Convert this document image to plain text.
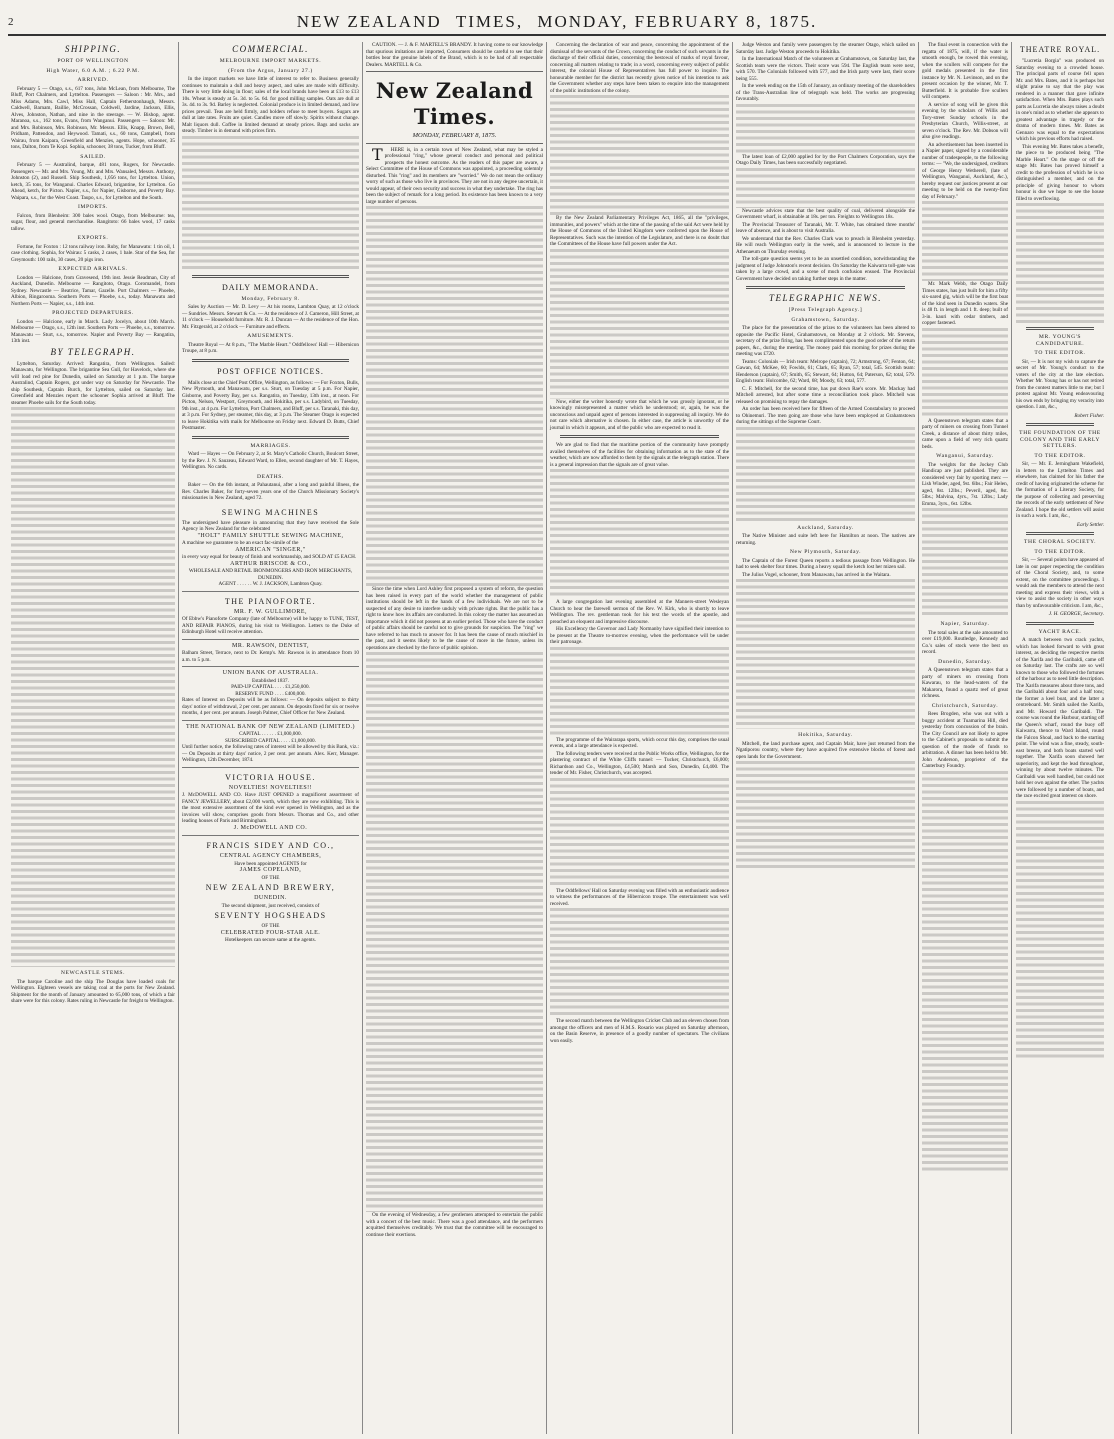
2	NEW ZEALAND TIMES, MONDAY, FEBRUARY 8, 1875.
SHIPPING.
PORT OF WELLINGTON
High Water, 6.0 A.M. ; 6.22 P.M.
ARRIVED.

February 5 — Otago, s.s., 617 tons, John McLean, from Melbourne, The Bluff, Port Chalmers, and Lyttelton. Passengers — Saloon : Mr. Mrs., and Miss Adams, Mrs. Cawl, Miss Hall, Captain Fetherstonhaugh, Messrs. Caldwell, Barnam, Baillie, McCrossan, Coldwell, Jardine, Jackson, Ellis, Alves, Johnston, Nathan, and nine in the steerage. — W. Bishop, agent. Maranoa, s.s., 162 tons, Evans, from Wanganui. Passengers — Saloon: Mr. and Mrs. Robinson, Mrs. Robinson, Mr. Messrs. Ellis, Knapp, Brown, Bell, Pridham, Pattendon, and Heywood. Tamati, s.s., 60 tons, Campbell, from Wairau, from Kaipara, Greenfield and Menzies, agents. Hope, schooner, 35 tons, Dalton, from Te Kopi. Sophia, schooner, 38 tons, Tucker, from Bluff.

SAILED.

February 5 — Australind, barque, 481 tons, Rogers, for Newcastle. Passengers — Mr. and Mrs. Young, Mr. and Mrs. Wansaled, Messrs. Anthony, Johnston (2), and Russell. Ship Southesk, 1,056 tons, for Lyttelton. Union, ketch, 35 tons, for Wanganui. Charles Edward, brigantine, for Lyttelton. Go Ahead, ketch, for Picton. Napier, s.s., for Napier, Gisborne, and Poverty Bay. Waipara, s.s., for the West Coast. Taupo, s.s., for Lyttelton and the South.

IMPORTS.

Falcon, from Blenheim: 300 bales wool. Otago, from Melbourne: tea, sugar, flour, and general merchandise. Rangitoto: 66 bales wool, 17 casks tallow.

EXPORTS.

Fortune, for Foxton : 12 tons railway iron. Ruby, for Manawatu: 1 tin oil, 1 case clothing. Sophia, for Wairau: 5 casks, 2 cases, 1 bale. Star of the Sea, for Greymouth: 100 rails, 30 cases, 20 pigs iron.

EXPECTED ARRIVALS.

London — Halcione, from Gravesend, 19th inst. Jessie Readman, City of Auckland, Dunedin. Melbourne — Rangitoto, Otago. Coromandel, from Sydney. Newcastle — Beatrice, Tamar, Gazelle. Port Chalmers — Phoebe, Albion, Ringarooma. Southern Ports — Phoebe, s.s., today. Manawatu and Northern Ports — Napier, s.s., 14th inst.

PROJECTED DEPARTURES.

London — Halcione, early in March. Lady Jocelyn, about 10th March. Melbourne — Otago, s.s., 12th inst. Southern Ports — Phoebe, s.s., tomorrow. Manawatu — Sturt, s.s., tomorrow. Napier and Poverty Bay — Rangatira, 13th inst.

BY TELEGRAPH.

Lyttelton, Saturday. Arrived: Rangatira, from Wellington. Sailed: Manawatu, for Wellington. The brigantine Sea Gull, for Havelock, where she will load red pine for Dunedin, sailed on Saturday at 1 p.m. The barque Australind, Captain Rogers, got under way on Saturday for Newcastle. The ship Southesk, Captain Burch, for Lyttelton, sailed on Saturday last. Greenfield and Menzies report the schooner Sophia arrived at Bluff. The steamer Phoebe sails for the South today.

NEWCASTLE STEMS.

The barque Caroline and the ship The Douglas have loaded coals for Wellington. Eighteen vessels are taking coal at the ports for New Zealand. Shipment for the month of January amounted to 65,000 tons, of which a fair share were for this colony. Rates ruling in Newcastle for freight to Wellington.

COMMERCIAL.
MELBOURNE IMPORT MARKETS.
(From the Argus, January 27.)

In the import markets we have little of interest to refer to. Business generally continues to maintain a dull and heavy aspect, and sales are made with difficulty. There is very little doing in flour; sales of the local brands have been at £13 to £13 10s. Wheat is steady at 5s. 3d. to 5s. 6d. for good milling samples. Oats are dull at 3s. 4d. to 3s. 9d. Barley is neglected. Colonial produce is in limited demand, and low prices prevail. Teas are held firmly, and holders refuse to meet buyers. Sugars are dull at late rates. Fruits are quiet. Candles move off slowly. Spirits without change. Malt liquors dull. Coffee in limited demand at steady prices. Bags and sacks are steady. Timber is in demand with prices firm.

DAILY MEMORANDA.
Monday, February 8.

Sales by Auction — Mr. D. Levy — At his rooms, Lambton Quay, at 12 o'clock — Sundries. Messrs. Stewart & Co. — At the residence of J. Cameron, Hill Street, at 11 o'clock — Household furniture. Mr. R. J. Duncan — At the residence of the Hon. Mr. Fitzgerald, at 2 o'clock — Furniture and effects.

AMUSEMENTS.

Theatre Royal — At 8 p.m., "The Marble Heart." Oddfellows' Hall — Hibernicon Troupe, at 8 p.m.

POST OFFICE NOTICES.

Mails close at the Chief Post Office, Wellington, as follows: — For Foxton, Bulls, New Plymouth, and Manawatu, per s.s. Sturt, on Tuesday at 5 p.m. For Napier, Gisborne, and Poverty Bay, per s.s. Rangatira, on Tuesday, 13th inst., at noon. For Picton, Nelson, Westport, Greymouth, and Hokitika, per s.s. Ladybird, on Tuesday, 9th inst., at 4 p.m. For Lyttelton, Port Chalmers, and Bluff, per s.s. Taranaki, this day, at 3 p.m. For Sydney, per steamer, this day, at 3 p.m. The Steamer Otago is expected to leave Hokitika with mails for Melbourne on Friday next. Edward D. Butts, Chief Postmaster.

MARRIAGES.

Ward — Hayes — On February 2, at St. Mary's Catholic Church, Boulcott Street, by the Rev. J. N. Sauzeau, Edward Ward, to Ellen, second daughter of Mr. T. Hayes, Wellington. No cards.

DEATHS.

Baker — On the 6th instant, at Pahautanui, after a long and painful illness, the Rev. Charles Baker, for forty-seven years one of the Church Missionary Society's missionaries in New Zealand, aged 72.

SEWING MACHINES
The undersigned have pleasure in announcing that they have received the Sole Agency in New Zealand for the celebrated
"HOLT" FAMILY SHUTTLE SEWING MACHINE,
A machine we guarantee to be an exact fac-simile of the
AMERICAN "SINGER,"
in every way equal for beauty of finish and workmanship, and SOLD AT £5 EACH.
ARTHUR BRISCOE & CO.,
WHOLESALE AND RETAIL IRONMONGERS AND IRON MERCHANTS, DUNEDIN.
AGENT . . . . . . W. J. JACKSON, Lambton Quay.
THE PIANOFORTE.
MR. F. W. GULLIMORE,
Of Ebbw's Pianoforte Company (late of Melbourne) will be happy to TUNE, TEST, AND REPAIR PIANOS, during his visit to Wellington. Letters to the Duke of Edinburgh Hotel will receive attention.
MR. RAWSON, DENTIST,
Balham Street, Terrace, next to Dr. Kemp's. Mr. Rawson is in attendance from 10 a.m. to 5 p.m.
UNION BANK OF AUSTRALIA.
Established 1837.
PAID-UP CAPITAL . . . . £1,250,000.
RESERVE FUND . . . . £400,000.
Rates of Interest on Deposits will be as follows: — On deposits subject to thirty days' notice of withdrawal, 2 per cent. per annum. On deposits fixed for six or twelve months, 4 per cent. per annum. Joseph Palmer, Chief Officer for New Zealand.
THE NATIONAL BANK OF NEW ZEALAND (LIMITED.)
CAPITAL . . . . . . £1,000,000.
SUBSCRIBED CAPITAL . . . . £1,000,000.
Until further notice, the following rates of interest will be allowed by this Bank, viz.: — On Deposits at thirty days' notice, 2 per cent. per annum. Alex. Kerr, Manager. Wellington, 12th December, 1874.
VICTORIA HOUSE.
NOVELTIES! NOVELTIES!!
J. McDOWELL AND CO. Have JUST OPENED a magnificent assortment of FANCY JEWELLERY, about £2,000 worth, which they are now exhibiting. This is the most extensive assortment of the kind ever opened in Wellington, and as the invoices will show, comprises goods from Messrs. Thomas and Co., and other leading houses of Paris and Birmingham.
J. McDOWELL AND CO.
FRANCIS SIDEY AND CO.,
CENTRAL AGENCY CHAMBERS,
Have been appointed AGENTS for
JAMES COPELAND,
OF THE
NEW ZEALAND BREWERY,
DUNEDIN.
The second shipment, just received, consists of
SEVENTY HOGSHEADS
OF THE
CELEBRATED FOUR-STAR ALE.
Hotelkeepers can secure same at the agents.

CAUTION. — J. & F. MARTELL'S BRANDY. It having come to our knowledge that spurious imitations are imported, Consumers should be careful to see that their bottles bear the genuine labels of the Brand, which is to be had of all respectable Dealers. MARTELL & Co.

New Zealand Times.
MONDAY, FEBRUARY 8, 1875.

T HERE is, in a certain town of New Zealand, what may be styled a professional "ring," whose general conduct and personal and political prospects the honest outcome. As the readers of this paper are aware, a Select Committee of the House of Commons was appointed, a proceeding solemnly disturbed. This "ring" and its members are "worried." We do not mean the ordinary worry of such as those who live in provinces. They are not in any degree uncertain, it would appear, of their own security and success in what they undertake. The ring has been the subject of remark for a long period. Its existence has been known to a very large number of persons.

Since the time when Lord Ashley first proposed a system of reform, the question has been raised in every part of the world whether the management of public institutions should be left in the hands of a few individuals. We are not to be suspected of any desire to interfere unduly with private rights. But the public has a right to know how its affairs are conducted. In this colony the matter has assumed an importance which it did not possess at an earlier period. Those who have the conduct of public affairs should be careful not to give grounds for suspicion. The "ring" we have referred to has much to answer for. It has been the cause of much mischief in the past, and it seems likely to be the cause of more in the future, unless its operations are checked by the force of public opinion.

On the evening of Wednesday, a few gentlemen attempted to entertain the public with a concert of the best music. There was a good attendance, and the performers acquitted themselves creditably. We trust that the committee will be encouraged to continue their exertions.

Concerning the declaration of war and peace, concerning the appointment of the dismissal of the servants of the Crown, concerning the conduct of such servants in the discharge of their official duties, concerning the bestowal of marks of royal favour, concerning all matters relating to trade; in a word, concerning every subject of public interest, the colonial House of Representatives has full power to inquire. The honourable member for the district has recently given notice of his intention to ask the Government whether any steps have been taken to enquire into the management of the public institutions of the colony.

By the New Zealand Parliamentary Privileges Act, 1865, all the "privileges, immunities, and powers" which at the time of the passing of the said Act were held by the House of Commons of the United Kingdom were conferred upon the House of Representatives. Such was the intention of the Legislature, and there is no doubt that the Committees of the House have full powers under the Act.

Now, either the writer honestly wrote that which he was grossly ignorant, or he knowingly misrepresented a matter which he understood; or, again, he was the unconscious and unpaid agent of persons interested in suppressing all inquiry. We do not care which alternative is chosen. In either case, the article is unworthy of the journal in which it appears, and of the public who are expected to read it.

We are glad to find that the maritime portion of the community have promptly availed themselves of the facilities for obtaining information as to the state of the weather, which are now afforded to them by the signals at the telegraph station. There is a general impression that the signals are of great value.

A large congregation last evening assembled at the Manners-street Wesleyan Church to hear the farewell sermon of the Rev. W. Kirk, who is shortly to leave Wellington. The rev. gentleman took for his text the words of the apostle, and preached an eloquent and impressive discourse.

His Excellency the Governor and Lady Normanby have signified their intention to be present at the Theatre to-morrow evening, when the performance will be under their patronage.

The programme of the Wairarapa sports, which occur this day, comprises the usual events, and a large attendance is expected.

The following tenders were received at the Public Works office, Wellington, for the plastering contract of the White Cliffs tunnel: — Tucker, Christchurch, £6,000; Richardson and Co., Wellington, £4,500; Marsh and Son, Dunedin, £4,400. The tender of Mr. Fisher, Christchurch, was accepted.

The Oddfellows' Hall on Saturday evening was filled with an enthusiastic audience to witness the performances of the Hibernicon troupe. The entertainment was well received.

The second match between the Wellington Cricket Club and an eleven chosen from amongst the officers and men of H.M.S. Rosario was played on Saturday afternoon, on the Basin Reserve, in presence of a goodly number of spectators. The civilians won easily.

Judge Weston and family were passengers by the steamer Otago, which sailed on Saturday last. Judge Weston proceeds to Hokitika.

In the International Match of the volunteers at Grahamstown, on Saturday last, the Scottish team were the victors. Their score was 594. The English team were next, with 570. The Colonials followed with 577, and the Irish party were last, their score being 555.

In the week ending on the 15th of January, an ordinary meeting of the shareholders of the Trans-Australian line of telegraph was held. The works are progressing favourably.

The latest loan of £2,000 applied for by the Port Chalmers Corporation, says the Otago Daily Times, has been successfully negotiated.

Newcastle advices state that the best quality of coal, delivered alongside the Government wharf, is obtainable at 18s. per ton. Freights to Wellington 18s.

The Provincial Treasurer of Taranaki, Mr. T. White, has obtained three months' leave of absence, and is about to visit Australia.

We understand that the Rev. Charles Clark was to preach in Blenheim yesterday. He will reach Wellington early in the week, and is announced to lecture in the Athenaeum on Thursday evening.

The toll-gate question seems yet to be an unsettled condition, notwithstanding the judgment of Judge Johnston's recent decision. On Saturday the Kaiwarra toll-gate was taken by a large crowd, and a scene of much confusion ensued. The Provincial Government have decided on taking further steps in the matter.

TELEGRAPHIC NEWS.
[Press Telegraph Agency.]
Grahamstown, Saturday.

The place for the presentation of the prizes to the volunteers has been altered to opposite the Pacific Hotel, Grahamstown, on Monday at 2 o'clock. Mr. Stevens, secretary of the prize firing, has been complimented upon the good order of the return papers, &c., during the meeting. The money paid this morning for prizes during the meeting was £720.

Teams: Colonials — Irish team: Melrope (captain), 72; Armstrong, 67; Fenton, 64; Gawan, 64; McKee, 60; Fowlds, 61; Clark, 65; Ryan, 57; total, 545. Scottish team: Henderson (captain), 67; Smith, 65; Stewart, 64; Hutton, 64; Paterson, 62; total, 579. English team: Holcombe, 62; Ward, 68; Moody, 63; total, 577.

C. F. Mitchell, for the second time, has put down Rae's score. Mr. Mackay had Mitchell arrested, but after some time a reconciliation took place. Mitchell was released on promising to repay the damages.

An order has been received here for fifteen of the Armed Constabulary to proceed to Ohinemuri. The men going are those who have been employed at Grahamstown during the sittings of the Supreme Court.

Auckland, Saturday.

The Native Minister and suite left here for Hamilton at noon. The natives are returning.

New Plymouth, Saturday.

The Captain of the Forest Queen reports a tedious passage from Wellington. He had to seek shelter four times. During a heavy squall the ketch lost her mizen sail.

The Julius Vogel, schooner, from Manawatu, has arrived in the Waitara.

Hokitika, Saturday.

Mitchell, the land purchase agent, and Captain Mair, have just returned from the Ngatiporou country, where they have acquired five extensive blocks of forest and open lands for the Government.

The final event in connection with the regatta of 1875, will, if the water is smooth enough, be rowed this evening, when the scullers will compete for the gold medals presented in the first instance by Mr. N. Levinson, and on the present occasion by the winner, Mr. T. Butterfield. It is probable five scullers will compete.

A service of song will be given this evening by the scholars of Willis and Tory-street Sunday schools in the Presbyterian Church, Willis-street, at seven o'clock. The Rev. Mr. Dobson will also give readings.

An advertisement has been inserted in a Napier paper, signed by a considerable number of tradespeople, to the following terms: — "We, the undersigned, creditors of George Henry Wetherell, (late of Wellington, Wanganui, Auckland, &c.), hereby request our justices present at our meeting to be held on the twenty-first day of February."

Mr. Mark Webb, the Otago Daily Times states, has just built for him a fifty six-oared gig, which will be the first boat of the kind seen in Dunedin waters. She is 48 ft. in length and 1 ft. deep; built of 3-in. kauri with cedar timbers, and copper fastened.

A Queenstown telegram states that a party of miners on crossing from Tunnel Creek, a distance of about thirty miles, came upon a field of very rich quartz beds.

Wanganui, Saturday.

The weights for the Jockey Club Handicap are just published. They are considered very fair by sporting men: — Lish Winder, aged, 9st. 6lbs.; Fair Helen, aged, 8st. 12lbs.; Peveril, aged, 8st. 5lbs.; Malvina, 4yrs., 7st. 12lbs.; Lady Emma, 3yrs., 6st. 12lbs.

Napier, Saturday.

The total sales at the sale amounted to over £19,000. Routledge, Kennedy and Co.'s sales of stock were the best on record.

Dunedin, Saturday.

A Queenstown telegram states that a party of miners on crossing from Kawarau, to the head-waters of the Makarora, found a quartz reef of great richness.

Christchurch, Saturday.

Rees Brogden, who was out with a buggy accident at Tuamarina Hill, died yesterday from concussion of the brain. The City Council are not likely to agree to the Cabinet's proposals to submit the question of the mode of funds to arbitration. A dinner has been held to Mr. John Anderson, proprietor of the Canterbury Foundry.

THEATRE ROYAL.

"Lucretia Borgia" was produced on Saturday evening to a crowded house. The principal parts of course fell upon Mr. and Mrs. Bates, and it is perhaps but slight praise to say that the play was rendered in a manner that gave infinite satisfaction. When Mrs. Bates plays such parts as Lucretia she always raises a doubt in one's mind as to whether she appears to greatest advantage in tragedy or the drama of modern times. Mr. Bates as Gennaro was equal to the expectations which his previous efforts had raised.

This evening Mr. Bates takes a benefit, the piece to be produced being "The Marble Heart." On the stage or off the stage Mr. Bates has proved himself a credit to the profession of which he is so distinguished a member, and on the principle of giving honour to whom honour is due we hope to see the house filled to overflowing.

MR. YOUNG'S CANDIDATURE.
TO THE EDITOR.

Sir, — It is not my wish to capture the secret of Mr. Young's conduct to the voters of the city at the late election. Whether Mr. Young has or has not retired from the contest matters little to me; but I protest against Mr. Young endeavouring his own ends by bringing my veracity into question. I am, &c.,

Robert Fisher.
THE FOUNDATION OF THE COLONY AND THE EARLY SETTLERS.
TO THE EDITOR.

Sir, — Mr. E. Jerningham Wakefield, in letters to the Lyttelton Times and elsewhere, has claimed for his father the credit of having originated the scheme for the formation of a Literary Society, for the purpose of collecting and preserving the records of the early settlement of New Zealand. I hope the old settlers will assist in such a work. I am, &c.,

Early Settler.
THE CHORAL SOCIETY.
TO THE EDITOR.

Sir, — Several points have appeared of late in our paper respecting the condition of the Choral Society, and, to some extent, on the committee proceedings. I would ask the members to attend the next meeting and express their views, with a view to assist the society in other ways than by unfavourable criticism. I am, &c.,

J. H. GEORGE, Secretary.
YACHT RACE.

A match between two crack yachts, which has looked forward to with great interest, as deciding the respective merits of the Xarifa and the Garibaldi, came off on Saturday last. The crafts are so well known to those who followed the fortunes of the harbour as to need little description. The Xarifa measures about three tons, and the Garibaldi about four and a half tons; the former a keel boat, and the latter a centreboard. Mr. Smith sailed the Xarifa, and Mr. Howard the Garibaldi. The course was round the Harbour, starting off the Queen's wharf, round the buoy off Kaiwarra, thence to Ward Island, round the Falcon Shoal, and back to the starting point. The wind was a fine, steady, south-east breeze, and both boats started well together. The Xarifa soon showed her superiority, and kept the lead throughout, winning by about twelve minutes. The Garibaldi was well handled, but could not hold her own against the other. The yachts were followed by a number of boats, and the race excited great interest on shore.
